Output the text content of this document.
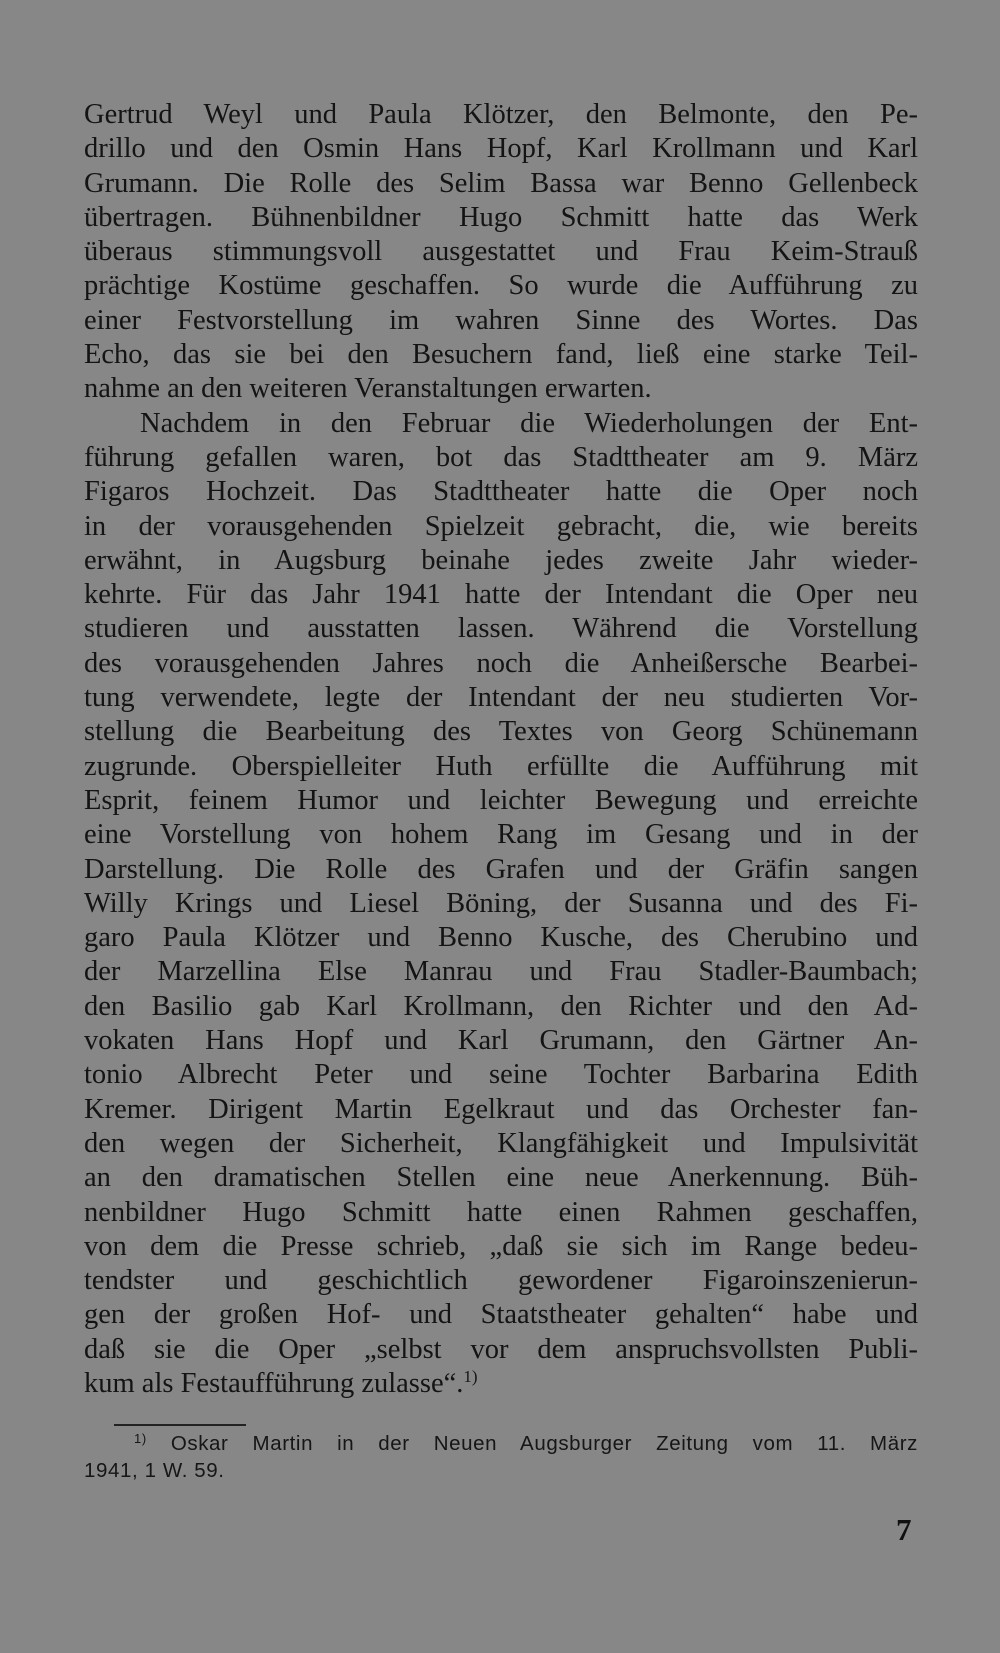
Gertrud Weyl und Paula Klötzer, den Belmonte, den Pe-
drillo und den Osmin Hans Hopf, Karl Krollmann und Karl
Grumann. Die Rolle des Selim Bassa war Benno Gellenbeck
übertragen. Bühnenbildner Hugo Schmitt hatte das Werk
überaus stimmungsvoll ausgestattet und Frau Keim-Strauß
prächtige Kostüme geschaffen. So wurde die Aufführung zu
einer Festvorstellung im wahren Sinne des Wortes. Das
Echo, das sie bei den Besuchern fand, ließ eine starke Teil-
nahme an den weiteren Veranstaltungen erwarten.
Nachdem in den Februar die Wiederholungen der Ent-
führung gefallen waren, bot das Stadttheater am 9. März
Figaros Hochzeit. Das Stadttheater hatte die Oper noch
in der vorausgehenden Spielzeit gebracht, die, wie bereits
erwähnt, in Augsburg beinahe jedes zweite Jahr wieder-
kehrte. Für das Jahr 1941 hatte der Intendant die Oper neu
studieren und ausstatten lassen. Während die Vorstellung
des vorausgehenden Jahres noch die Anheißersche Bearbei-
tung verwendete, legte der Intendant der neu studierten Vor-
stellung die Bearbeitung des Textes von Georg Schünemann
zugrunde. Oberspielleiter Huth erfüllte die Aufführung mit
Esprit, feinem Humor und leichter Bewegung und erreichte
eine Vorstellung von hohem Rang im Gesang und in der
Darstellung. Die Rolle des Grafen und der Gräfin sangen
Willy Krings und Liesel Böning, der Susanna und des Fi-
garo Paula Klötzer und Benno Kusche, des Cherubino und
der Marzellina Else Manrau und Frau Stadler-Baumbach;
den Basilio gab Karl Krollmann, den Richter und den Ad-
vokaten Hans Hopf und Karl Grumann, den Gärtner An-
tonio Albrecht Peter und seine Tochter Barbarina Edith
Kremer. Dirigent Martin Egelkraut und das Orchester fan-
den wegen der Sicherheit, Klangfähigkeit und Impulsivität
an den dramatischen Stellen eine neue Anerkennung. Büh-
nenbildner Hugo Schmitt hatte einen Rahmen geschaffen,
von dem die Presse schrieb, „daß sie sich im Range bedeu-
tendster und geschichtlich gewordener Figaroinszenierun-
gen der großen Hof- und Staatstheater gehalten“ habe und
daß sie die Oper „selbst vor dem anspruchsvollsten Publi-
kum als Festaufführung zulasse“.$^{1)}$
$^{1)}$ Oskar Martin in der Neuen Augsburger Zeitung vom 11. März
1941, 1 W. 59.
7
